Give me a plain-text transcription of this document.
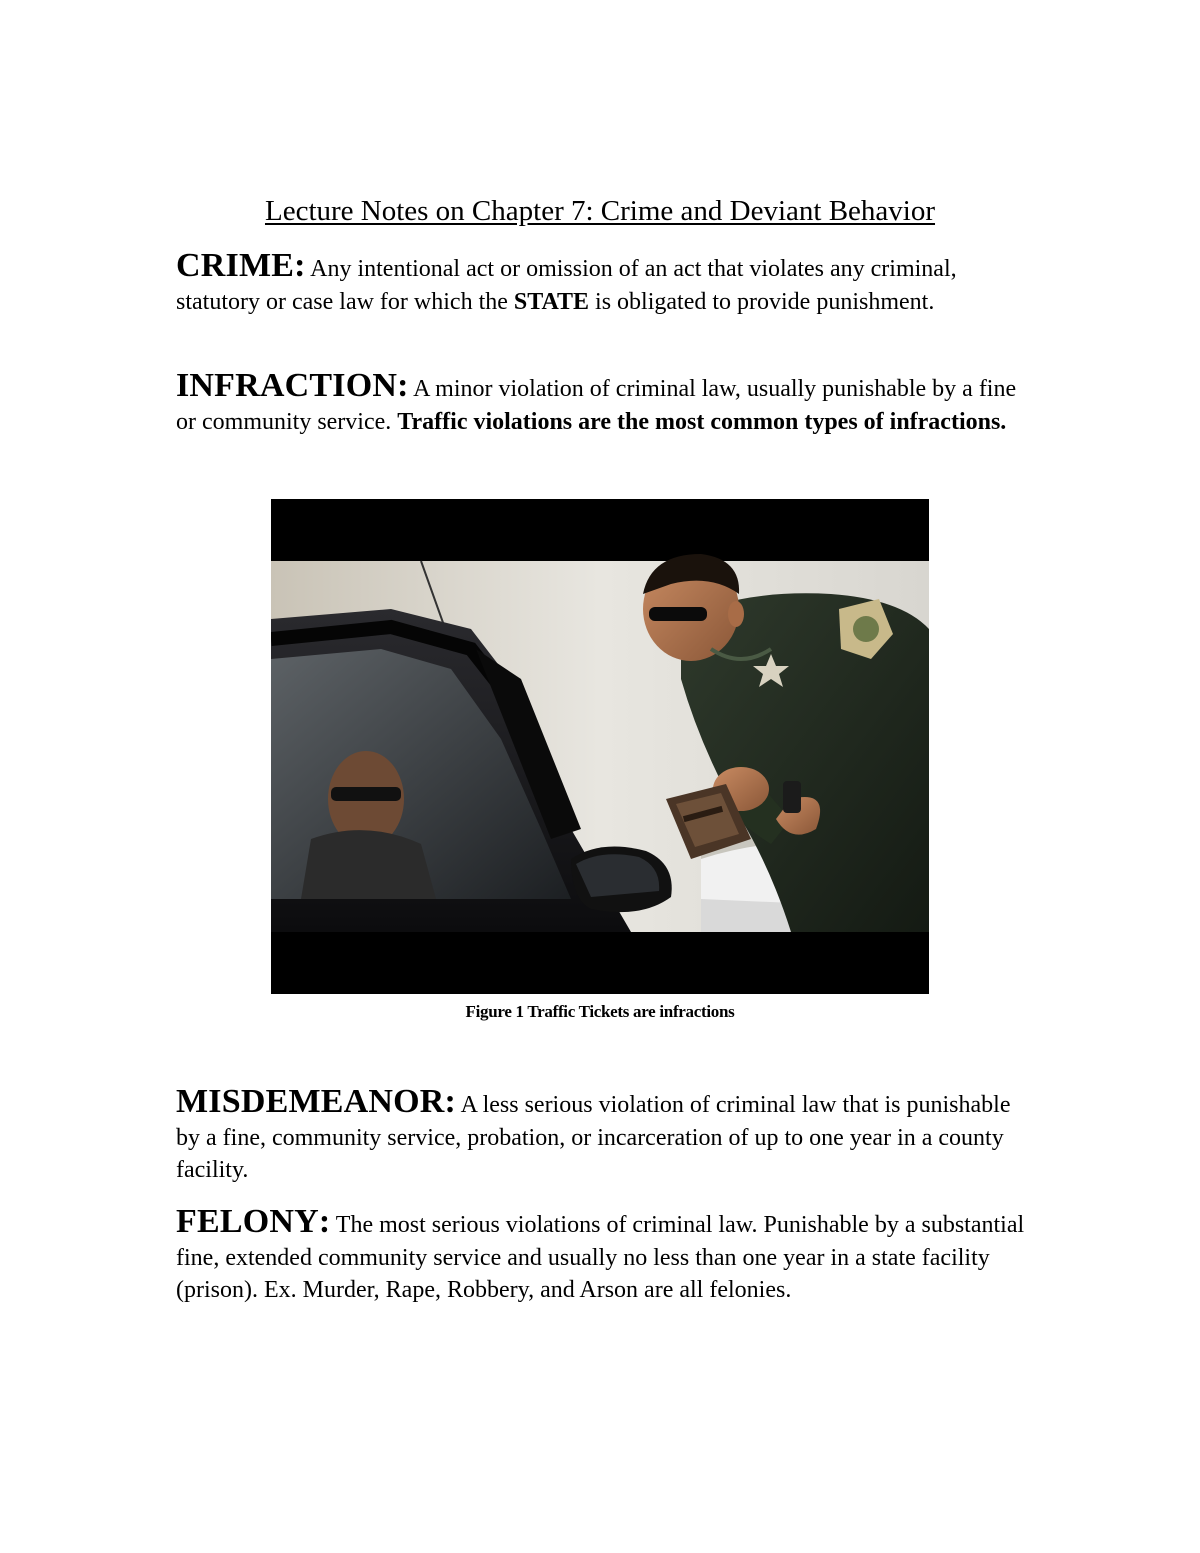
Lecture Notes on Chapter 7: Crime and Deviant Behavior

CRIME: Any intentional act or omission of an act that violates any criminal, statutory or case law for which the STATE is obligated to provide punishment.

INFRACTION: A minor violation of criminal law, usually punishable by a fine or community service. Traffic violations are the most common types of infractions.

Figure 1 Traffic Tickets are infractions

MISDEMEANOR: A less serious violation of criminal law that is punishable by a fine, community service, probation, or incarceration of up to one year in a county facility.

FELONY: The most serious violations of criminal law. Punishable by a substantial fine, extended community service and usually no less than one year in a state facility (prison). Ex. Murder, Rape, Robbery, and Arson are all felonies.
